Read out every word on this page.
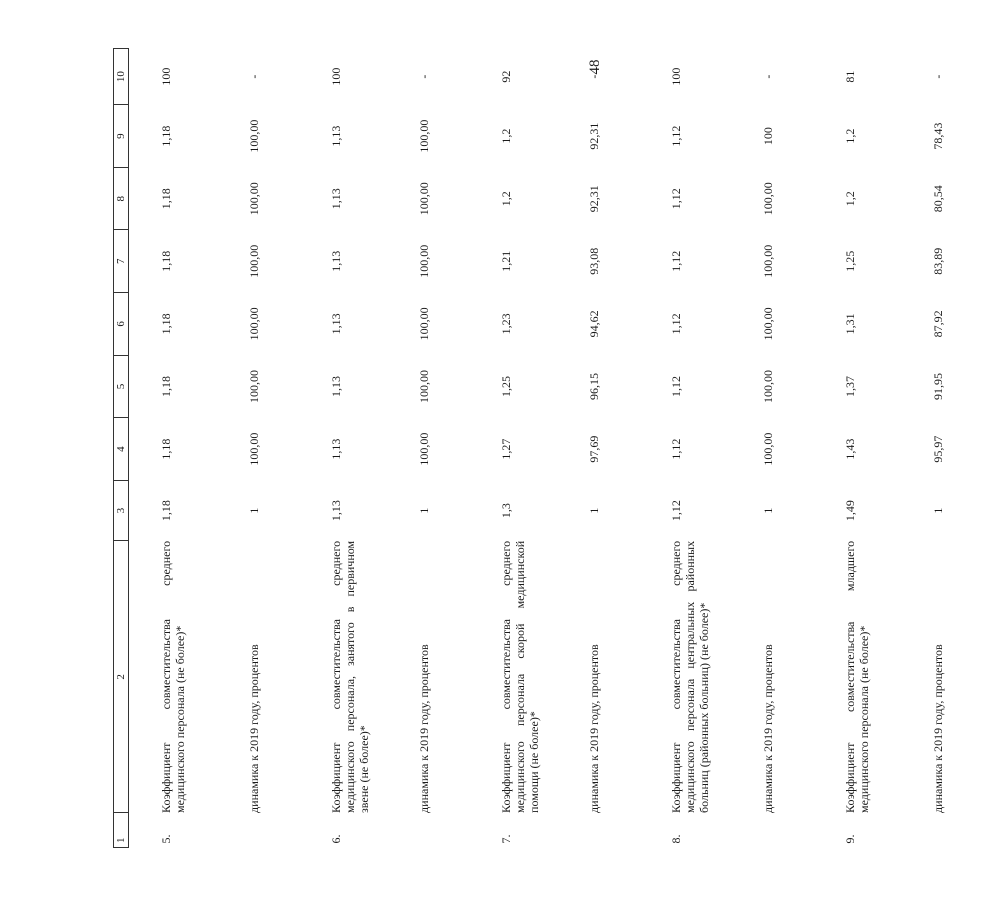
48
1	2	3	4	5	6	7	8	9	10
5.	Коэффициент совместительства среднего медицинского персонала (не более)*	1,18	1,18	1,18	1,18	1,18	1,18	1,18	100
	динамика к 2019 году, процентов	1	100,00	100,00	100,00	100,00	100,00	100,00	-
6.	Коэффициент совместительства среднего медицинского персонала, занятого в первичном звене (не более)*	1,13	1,13	1,13	1,13	1,13	1,13	1,13	100
	динамика к 2019 году, процентов	1	100,00	100,00	100,00	100,00	100,00	100,00	-
7.	Коэффициент совместительства среднего медицинского персонала скорой медицинской помощи (не более)*	1,3	1,27	1,25	1,23	1,21	1,2	1,2	92
	динамика к 2019 году, процентов	1	97,69	96,15	94,62	93,08	92,31	92,31	-
8.	Коэффициент совместительства среднего медицинского персонала центральных районных больниц (районных больниц) (не более)*	1,12	1,12	1,12	1,12	1,12	1,12	1,12	100
	динамика к 2019 году, процентов	1	100,00	100,00	100,00	100,00	100,00	100	-
9.	Коэффициент совместительства младшего медицинского персонала (не более)*	1,49	1,43	1,37	1,31	1,25	1,2	1,2	81
	динамика к 2019 году, процентов	1	95,97	91,95	87,92	83,89	80,54	78,43	-
